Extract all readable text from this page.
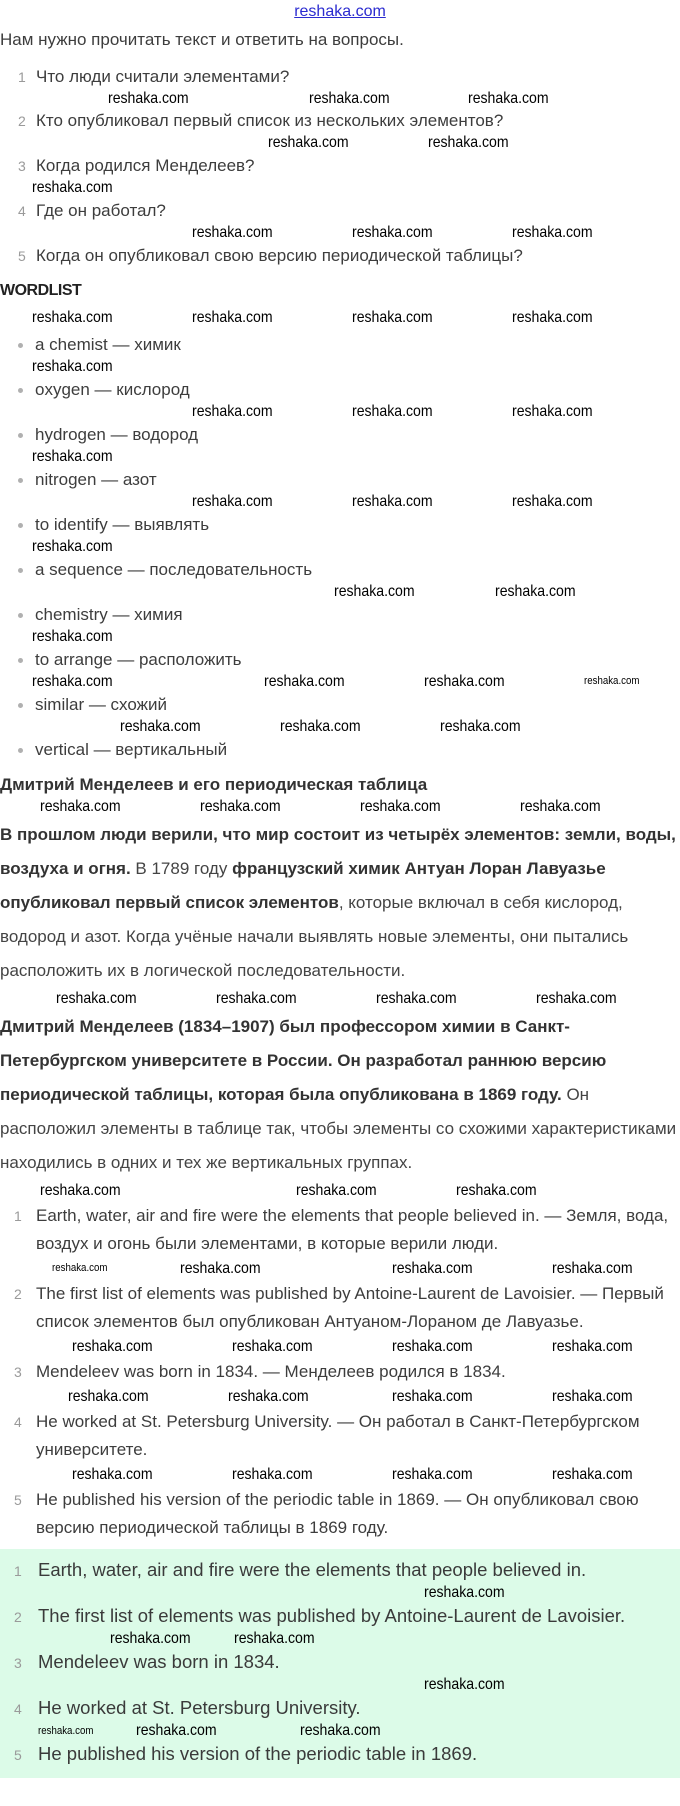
reshaka.com
Нам нужно прочитать текст и ответить на вопросы.
1 Что люди считали элементами?
reshaka.com	reshaka.com	reshaka.com
2 Кто опубликовал первый список из нескольких элементов?
reshaka.com	reshaka.com
3 Когда родился Менделеев?
reshaka.com
4 Где он работал?
reshaka.com	reshaka.com	reshaka.com
5 Когда он опубликовал свою версию периодической таблицы?
WORDLIST
reshaka.com	reshaka.com	reshaka.com	reshaka.com
a chemist — химик
reshaka.com
oxygen — кислород
reshaka.com	reshaka.com	reshaka.com
hydrogen — водород
reshaka.com
nitrogen — азот
reshaka.com	reshaka.com	reshaka.com
to identify — выявлять
reshaka.com
a sequence — последовательность
reshaka.com	reshaka.com
chemistry — химия
reshaka.com
to arrange — расположить
reshaka.com	reshaka.com	reshaka.com	reshaka.com
similar — схожий
reshaka.com	reshaka.com	reshaka.com
vertical — вертикальный
Дмитрий Менделеев и его периодическая таблица
reshaka.com	reshaka.com	reshaka.com	reshaka.com

В прошлом люди верили, что мир состоит из четырёх элементов: земли, воды, воздуха и огня. В 1789 году французский химик Антуан Лоран Лавуазье опубликовал первый список элементов, которые включал в себя кислород, водород и азот. Когда учёные начали выявлять новые элементы, они пытались расположить их в логической последовательности.

reshaka.com	reshaka.com	reshaka.com	reshaka.com

Дмитрий Менделеев (1834–1907) был профессором химии в Санкт-Петербургском университете в России. Он разработал раннюю версию периодической таблицы, которая была опубликована в 1869 году. Он расположил элементы в таблице так, чтобы элементы со схожими характеристиками находились в одних и тех же вертикальных группах.

reshaka.com	reshaka.com	reshaka.com
1 Earth, water, air and fire were the elements that people believed in. — Земля, вода, воздух и огонь были элементами, в которые верили люди.
reshaka.com	reshaka.com	reshaka.com	reshaka.com
2 The first list of elements was published by Antoine-Laurent de Lavoisier. — Первый список элементов был опубликован Антуаном-Лораном де Лавуазье.
reshaka.com	reshaka.com	reshaka.com	reshaka.com
3 Mendeleev was born in 1834. — Менделеев родился в 1834.
reshaka.com	reshaka.com	reshaka.com	reshaka.com
4 He worked at St. Petersburg University. — Он работал в Санкт-Петербургском университете.
reshaka.com	reshaka.com	reshaka.com	reshaka.com
5 He published his version of the periodic table in 1869. — Он опубликовал свою версию периодической таблицы в 1869 году.
1 Earth, water, air and fire were the elements that people believed in.
reshaka.com
2 The first list of elements was published by Antoine-Laurent de Lavoisier.
reshaka.com	reshaka.com
3 Mendeleev was born in 1834.
reshaka.com
4 He worked at St. Petersburg University.
reshaka.com	reshaka.com	reshaka.com
5 He published his version of the periodic table in 1869.
